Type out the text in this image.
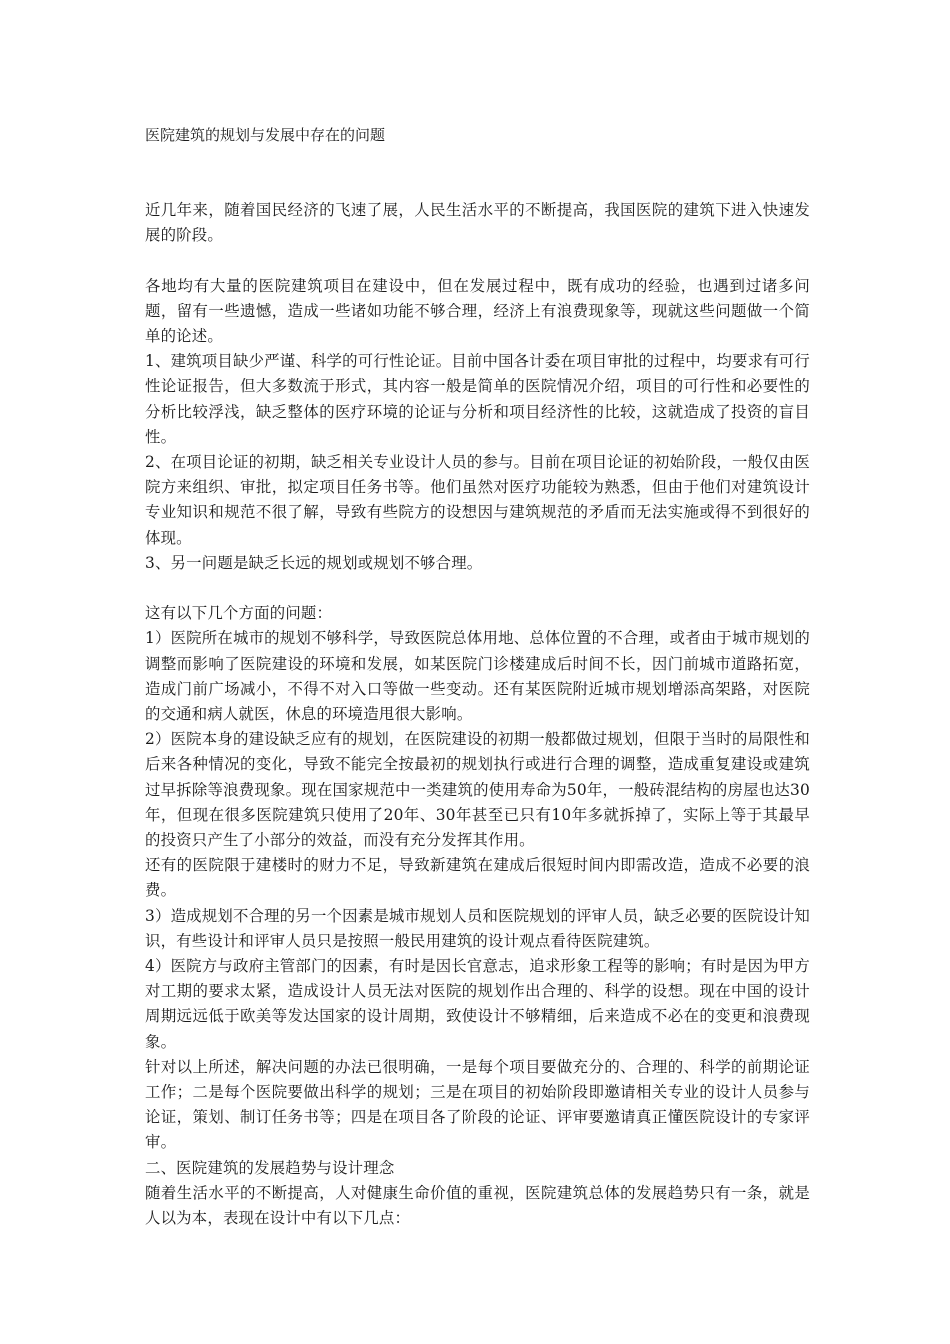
医院建筑的规划与发展中存在的问题

近几年来，随着国民经济的飞速了展，人民生活水平的不断提高，我国医院的建筑下进入快速发展的阶段。

各地均有大量的医院建筑项目在建设中，但在发展过程中，既有成功的经验，也遇到过诸多问题，留有一些遗憾，造成一些诸如功能不够合理，经济上有浪费现象等，现就这些问题做一个简单的论述。

1、建筑项目缺少严谨、科学的可行性论证。目前中国各计委在项目审批的过程中，均要求有可行性论证报告，但大多数流于形式，其内容一般是简单的医院情况介绍，项目的可行性和必要性的分析比较浮浅，缺乏整体的医疗环境的论证与分析和项目经济性的比较，这就造成了投资的盲目性。

2、在项目论证的初期，缺乏相关专业设计人员的参与。目前在项目论证的初始阶段，一般仅由医院方来组织、审批，拟定项目任务书等。他们虽然对医疗功能较为熟悉，但由于他们对建筑设计专业知识和规范不很了解，导致有些院方的设想因与建筑规范的矛盾而无法实施或得不到很好的体现。

3、另一问题是缺乏长远的规划或规划不够合理。

这有以下几个方面的问题：

1）医院所在城市的规划不够科学，导致医院总体用地、总体位置的不合理，或者由于城市规划的调整而影响了医院建设的环境和发展，如某医院门诊楼建成后时间不长，因门前城市道路拓宽，造成门前广场减小，不得不对入口等做一些变动。还有某医院附近城市规划增添高架路，对医院的交通和病人就医，休息的环境造甩很大影响。

2）医院本身的建设缺乏应有的规划，在医院建设的初期一般都做过规划，但限于当时的局限性和后来各种情况的变化，导致不能完全按最初的规划执行或进行合理的调整，造成重复建设或建筑过早拆除等浪费现象。现在国家规范中一类建筑的使用寿命为50年，一般砖混结构的房屋也达30年，但现在很多医院建筑只使用了20年、30年甚至已只有10年多就拆掉了，实际上等于其最早的投资只产生了小部分的效益，而没有充分发挥其作用。

还有的医院限于建楼时的财力不足，导致新建筑在建成后很短时间内即需改造，造成不必要的浪费。

3）造成规划不合理的另一个因素是城市规划人员和医院规划的评审人员，缺乏必要的医院设计知识，有些设计和评审人员只是按照一般民用建筑的设计观点看待医院建筑。

4）医院方与政府主管部门的因素，有时是因长官意志，追求形象工程等的影响；有时是因为甲方对工期的要求太紧，造成设计人员无法对医院的规划作出合理的、科学的设想。现在中国的设计周期远远低于欧美等发达国家的设计周期，致使设计不够精细，后来造成不必在的变更和浪费现象。

针对以上所述，解决问题的办法已很明确，一是每个项目要做充分的、合理的、科学的前期论证工作；二是每个医院要做出科学的规划；三是在项目的初始阶段即邀请相关专业的设计人员参与论证，策划、制订任务书等；四是在项目各了阶段的论证、评审要邀请真正懂医院设计的专家评审。

二、医院建筑的发展趋势与设计理念

随着生活水平的不断提高，人对健康生命价值的重视，医院建筑总体的发展趋势只有一条，就是人以为本，表现在设计中有以下几点：
